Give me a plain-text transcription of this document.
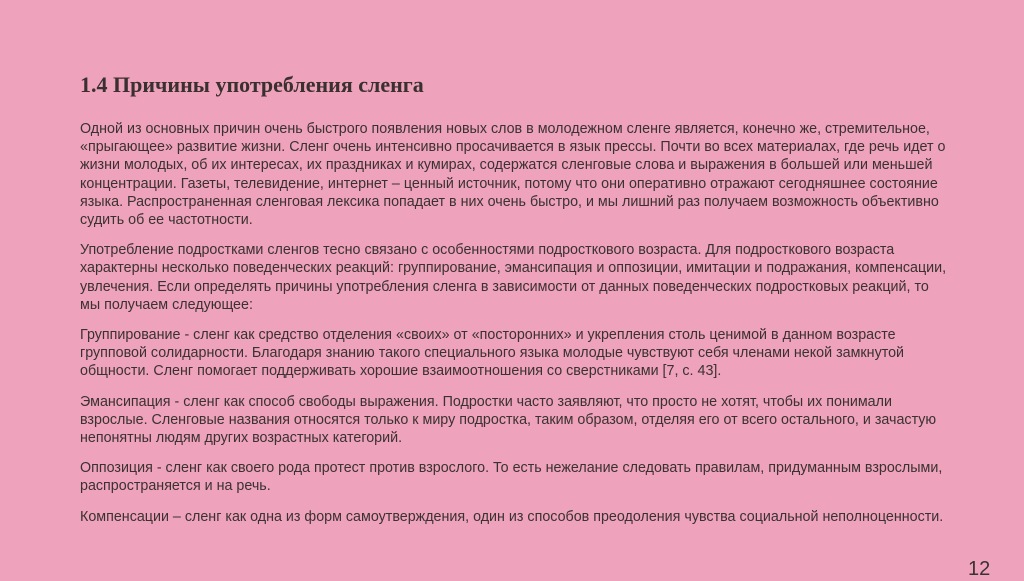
1.4 Причины употребления сленга

Одной из основных причин очень быстрого появления новых слов в молодежном сленге является, конечно же, стремительное, «прыгающее» развитие жизни. Сленг очень интенсивно просачивается в язык прессы. Почти во всех материалах, где речь идет о жизни молодых, об их интересах, их праздниках и кумирах, содержатся сленговые слова и выражения в большей или меньшей концентрации. Газеты, телевидение, интернет – ценный источник, потому что они оперативно отражают сегодняшнее состояние языка. Распространенная сленговая лексика попадает в них очень быстро, и мы лишний раз получаем возможность объективно судить об ее частотности.

Употребление подростками сленгов тесно связано с особенностями подросткового возраста. Для подросткового возраста характерны несколько поведенческих реакций: группирование, эмансипация и оппозиции, имитации и подражания, компенсации, увлечения. Если определять причины употребления сленга в зависимости от данных поведенческих подростковых реакций, то мы получаем следующее:

Группирование - сленг как средство отделения «своих» от «посторонних» и укрепления столь ценимой в данном возрасте групповой солидарности. Благодаря знанию такого специального языка молодые чувствуют себя членами некой замкнутой общности. Сленг помогает поддерживать хорошие взаимоотношения со сверстниками [7, с. 43].

Эмансипация - сленг как способ свободы выражения. Подростки часто заявляют, что просто не хотят, чтобы их понимали взрослые. Сленговые названия относятся только к миру подростка, таким образом, отделяя его от всего остального, и зачастую непонятны людям других возрастных категорий.

Оппозиция - сленг как своего рода протест против взрослого. То есть нежелание следовать правилам, придуманным взрослыми, распространяется и на речь.

Компенсации – сленг как одна из форм самоутверждения, один из способов преодоления чувства социальной неполноценности.

12
